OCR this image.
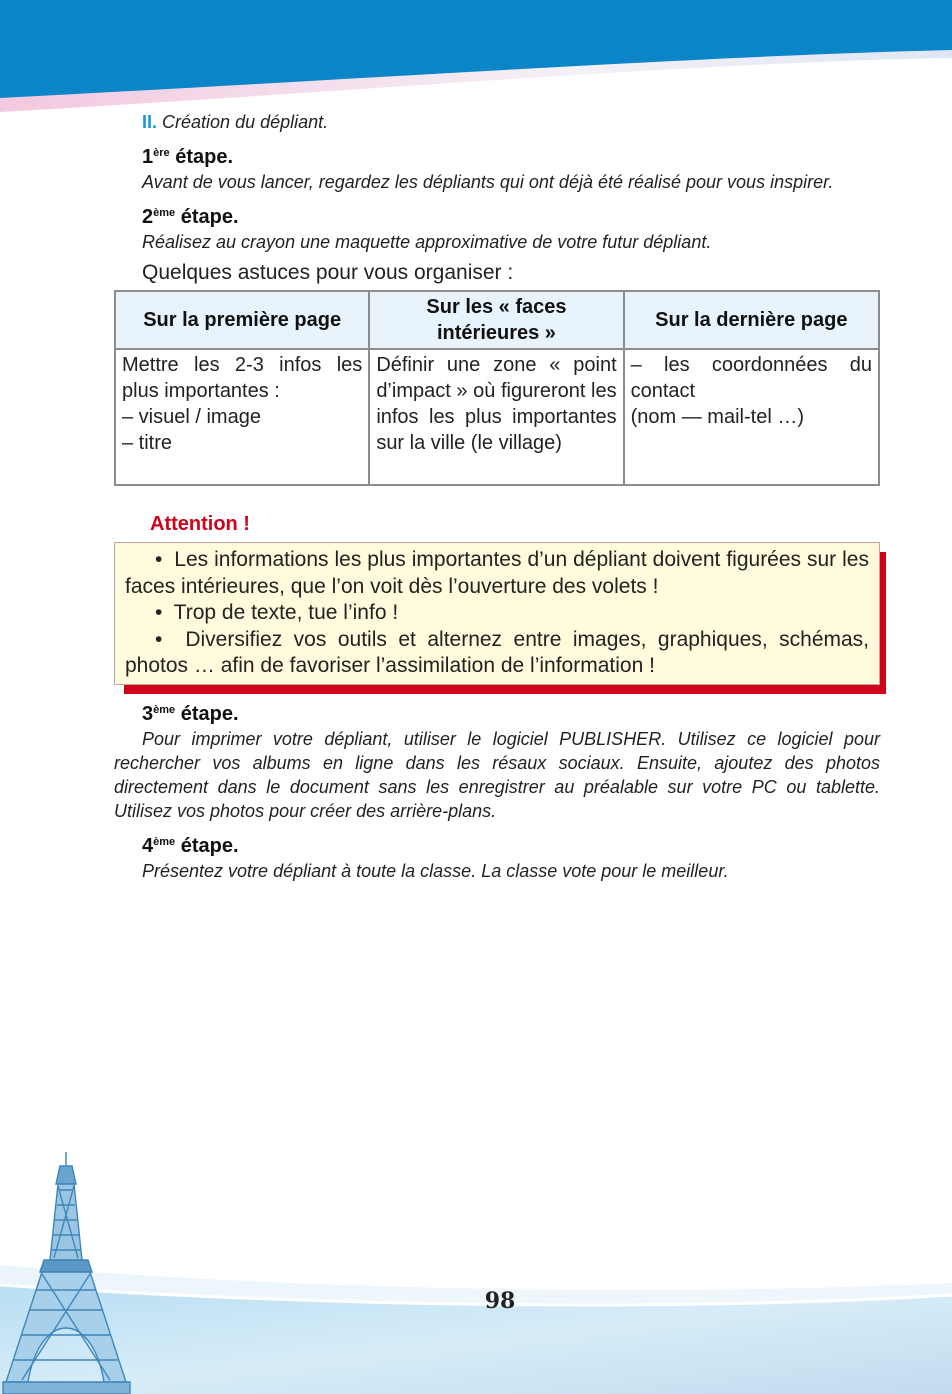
II. Création du dépliant.

1ère étape.

Avant de vous lancer, regardez les dépliants qui ont déjà été réalisé pour vous inspirer.

2ème étape.

Réalisez au crayon une maquette approximative de votre futur dépliant.

Quelques astuces pour vous organiser :

Sur la première page	Sur les « faces intérieures »	Sur la dernière page

Mettre les 2-3 infos les plus importantes :
– visuel / image
– titre	Définir une zone « point d’impact » où figureront les infos les plus importantes sur la ville (le village)	– les coordonnées du contact
(nom — mail-tel …)

Attention !

• Les informations les plus importantes d’un dépliant doivent figurées sur les faces intérieures, que l’on voit dès l’ouverture des volets !
• Trop de texte, tue l’info !
• Diversifiez vos outils et alternez entre images, graphiques, schémas, photos … afin de favoriser l’assimilation de l’information !

3ème étape.

Pour imprimer votre dépliant, utiliser le logiciel PUBLISHER. Utilisez ce logiciel pour rechercher vos albums en ligne dans les résaux sociaux. Ensuite, ajoutez des photos directement dans le document sans les enregistrer au préalable sur votre PC ou tablette. Utilisez vos photos pour créer des arrière-plans.

4ème étape.

Présentez votre dépliant à toute la classe. La classe vote pour le meilleur.

98
